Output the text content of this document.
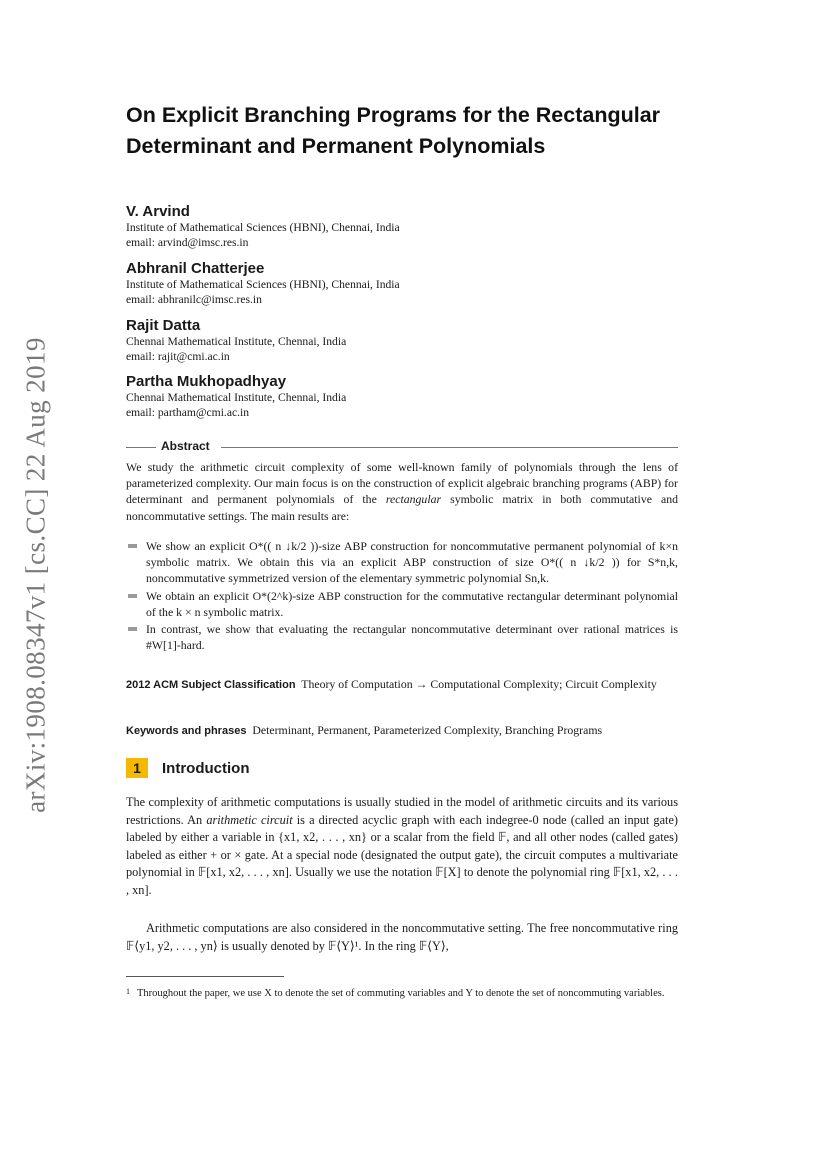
arXiv:1908.08347v1 [cs.CC] 22 Aug 2019
On Explicit Branching Programs for the Rectangular Determinant and Permanent Polynomials
V. Arvind
Institute of Mathematical Sciences (HBNI), Chennai, India
email: arvind@imsc.res.in
Abhranil Chatterjee
Institute of Mathematical Sciences (HBNI), Chennai, India
email: abhranilc@imsc.res.in
Rajit Datta
Chennai Mathematical Institute, Chennai, India
email: rajit@cmi.ac.in
Partha Mukhopadhyay
Chennai Mathematical Institute, Chennai, India
email: partham@cmi.ac.in
Abstract

We study the arithmetic circuit complexity of some well-known family of polynomials through the lens of parameterized complexity. Our main focus is on the construction of explicit algebraic branching programs (ABP) for determinant and permanent polynomials of the rectangular symbolic matrix in both commutative and noncommutative settings. The main results are:

We show an explicit O*(( n ↓k/2 ))-size ABP construction for noncommutative permanent polynomial of k×n symbolic matrix. We obtain this via an explicit ABP construction of size O*(( n ↓k/2 )) for S*n,k, noncommutative symmetrized version of the elementary symmetric polynomial Sn,k.
We obtain an explicit O*(2^k)-size ABP construction for the commutative rectangular determinant polynomial of the k × n symbolic matrix.
In contrast, we show that evaluating the rectangular noncommutative determinant over rational matrices is #W[1]-hard.
2012 ACM Subject Classification Theory of Computation → Computational Complexity; Circuit Complexity
Keywords and phrases Determinant, Permanent, Parameterized Complexity, Branching Programs
1 Introduction

The complexity of arithmetic computations is usually studied in the model of arithmetic circuits and its various restrictions. An arithmetic circuit is a directed acyclic graph with each indegree-0 node (called an input gate) labeled by either a variable in {x1, x2, . . . , xn} or a scalar from the field 𝔽, and all other nodes (called gates) labeled as either + or × gate. At a special node (designated the output gate), the circuit computes a multivariate polynomial in 𝔽[x1, x2, . . . , xn]. Usually we use the notation 𝔽[X] to denote the polynomial ring 𝔽[x1, x2, . . . , xn].

Arithmetic computations are also considered in the noncommutative setting. The free noncommutative ring 𝔽⟨y1, y2, . . . , yn⟩ is usually denoted by 𝔽⟨Y⟩¹. In the ring 𝔽⟨Y⟩,

1 Throughout the paper, we use X to denote the set of commuting variables and Y to denote the set of noncommuting variables.
